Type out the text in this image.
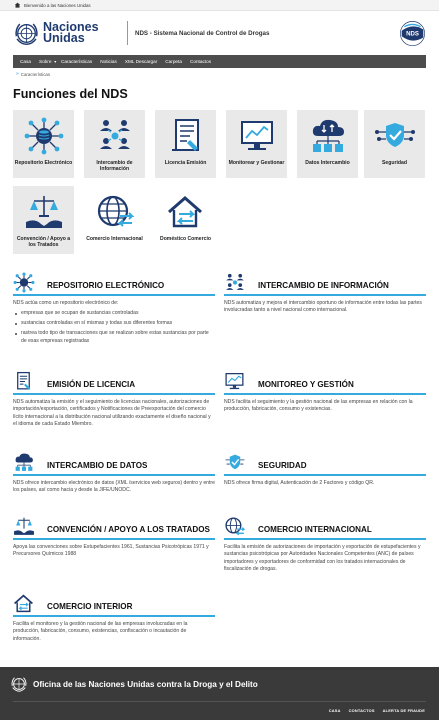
Bienvenido a las Naciones Unidas
Naciones Unidas	NDS - Sistema Nacional de Control de Drogas	NDS
Casa	Sobre ▼ Características	Noticias	XML Descargar	Carpeta	Contactos
» Características
Funciones del NDS
Repositorio Electrónico	Intercambio de Información
Licencia Emisión	Monitorear y Gestionar	Datos Intercambio	Seguridad
Convención / Apoyo a los Tratados
Comercio Internacional	Doméstico Comercio
REPOSITORIO ELECTRÓNICO
NDS actúa como un repositorio electrónico de:
empresas que se ocupan de sustancias controladas
sustancias controladas en sí mismas y todas sus diferentes formas
rastrea todo tipo de transacciones que se realizan sobre estas sustancias por parte de esas empresas registradas
INTERCAMBIO DE INFORMACIÓN
NDS automatiza y mejora el intercambio oportuno de información entre todas las partes involucradas tanto a nivel nacional como internacional.
EMISIÓN DE LICENCIA
NDS automatiza la emisión y el seguimiento de licencias nacionales, autorizaciones de importación/exportación, certificados y Notificaciones de Preexportación del comercio lícito internacional a la distribución nacional utilizando exactamente el diseño nacional y el idioma de cada Estado Miembro.
MONITOREO Y GESTIÓN
NDS facilita el seguimiento y la gestión nacional de las empresas en relación con la producción, fabricación, consumo y existencias.
INTERCAMBIO DE DATOS
NDS ofrece intercambio electrónico de datos (XML /servicios web seguros) dentro y entre los países, así como hacia y desde la JIFE/UNODC.
SEGURIDAD
NDS ofrece firma digital, Autenticación de 2 Factores y código QR.
CONVENCIÓN / APOYO A LOS TRATADOS
Apoya las convenciones sobre Estupefacientes 1961, Sustancias Psicotrópicas 1971 y Precursores Químicos 1988
COMERCIO INTERNACIONAL
Facilita la emisión de autorizaciones de importación y exportación de estupefacientes y sustancias psicotrópicas por Autoridades Nacionales Competentes (ANC) de países importadores y exportadores de conformidad con los tratados internacionales de fiscalización de drogas.
COMERCIO INTERIOR
Facilita el monitoreo y la gestión nacional de las empresas involucradas en la producción, fabricación, consumo, existencias, confiscación o incautación de información.
Oficina de las Naciones Unidas contra la Droga y el Delito
CASA CONTACTOS ALERTA DE FRAUDE
